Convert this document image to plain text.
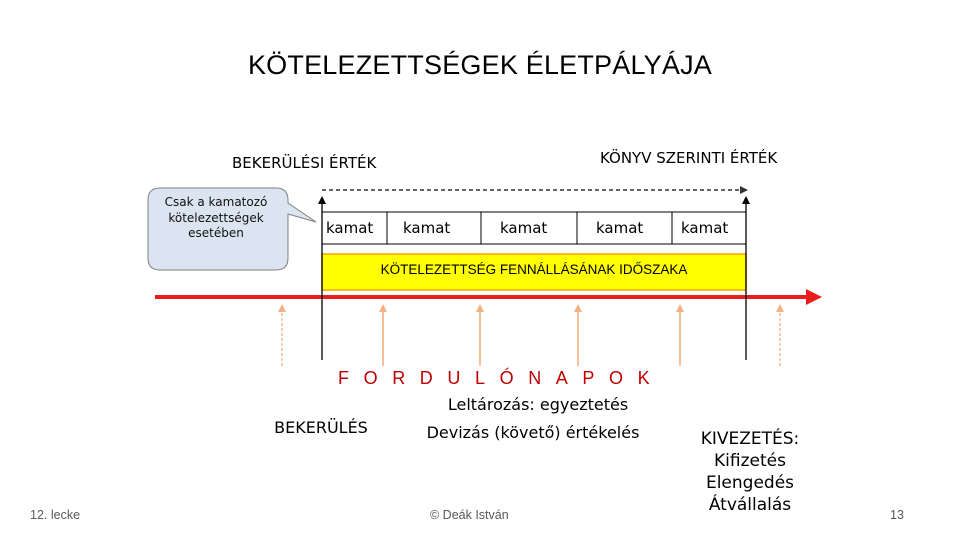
KÖTELEZETTSÉGEK ÉLETPÁLYÁJA
BEKERÜLÉSI ÉRTÉK	KÖNYV SZERINTI ÉRTÉK
Csak a kamatozó kötelezettségek esetében	kamat kamat	kamat	kamat	kamat
KÖTELEZETTSÉG FENNÁLLÁSÁNAK IDŐSZAKA
FORDULÓNAPOK
Leltározás: egyeztetés
Devizás (követő) értékelés
BEKERÜLÉS
KIVEZETÉS:
Kifizetés
Elengedés
Átvállalás
12. lecke	© Deák István	13
